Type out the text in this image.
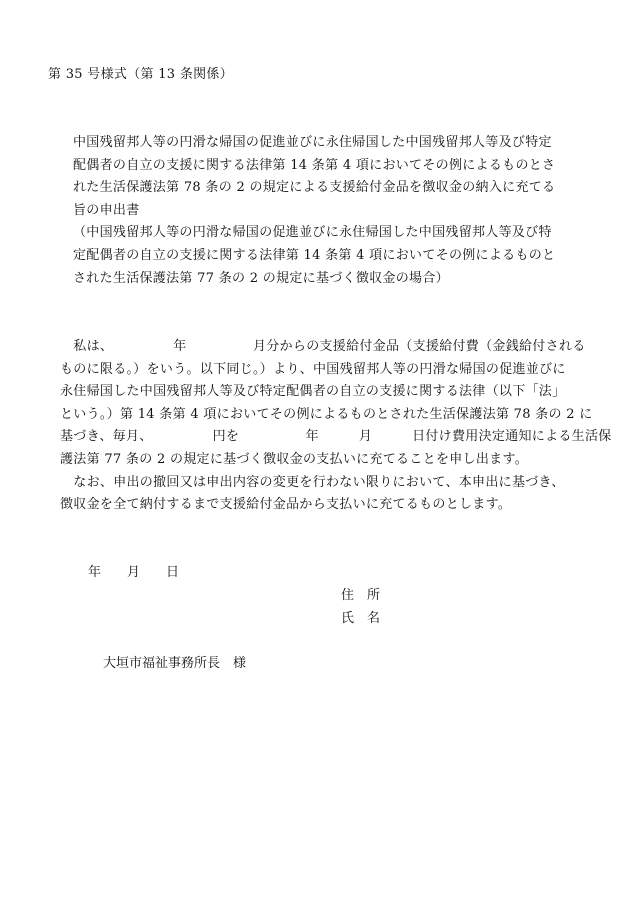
第 35 号様式（第 13 条関係）
中国残留邦人等の円滑な帰国の促進並びに永住帰国した中国残留邦人等及び特定
配偶者の自立の支援に関する法律第 14 条第 4 項においてその例によるものとさ
れた生活保護法第 78 条の 2 の規定による支援給付金品を徴収金の納入に充てる
旨の申出書
（中国残留邦人等の円滑な帰国の促進並びに永住帰国した中国残留邦人等及び特
定配偶者の自立の支援に関する法律第 14 条第 4 項においてその例によるものと
された生活保護法第 77 条の 2 の規定に基づく徴収金の場合）
　私は、　　　　　年　　　　　月分からの支援給付金品（支援給付費（金銭給付される
ものに限る。）をいう。以下同じ。）より、中国残留邦人等の円滑な帰国の促進並びに
永住帰国した中国残留邦人等及び特定配偶者の自立の支援に関する法律（以下「法」
という。）第 14 条第 4 項においてその例によるものとされた生活保護法第 78 条の 2 に
基づき、毎月、　　　　　円を　　　　　年　　　月　　　日付け費用決定通知による生活保
護法第 77 条の 2 の規定に基づく徴収金の支払いに充てることを申し出ます。
　なお、申出の撤回又は申出内容の変更を行わない限りにおいて、本申出に基づき、
徴収金を全て納付するまで支援給付金品から支払いに充てるものとします。
年　　月　　日
住　所
氏　名
大垣市福祉事務所長　様
